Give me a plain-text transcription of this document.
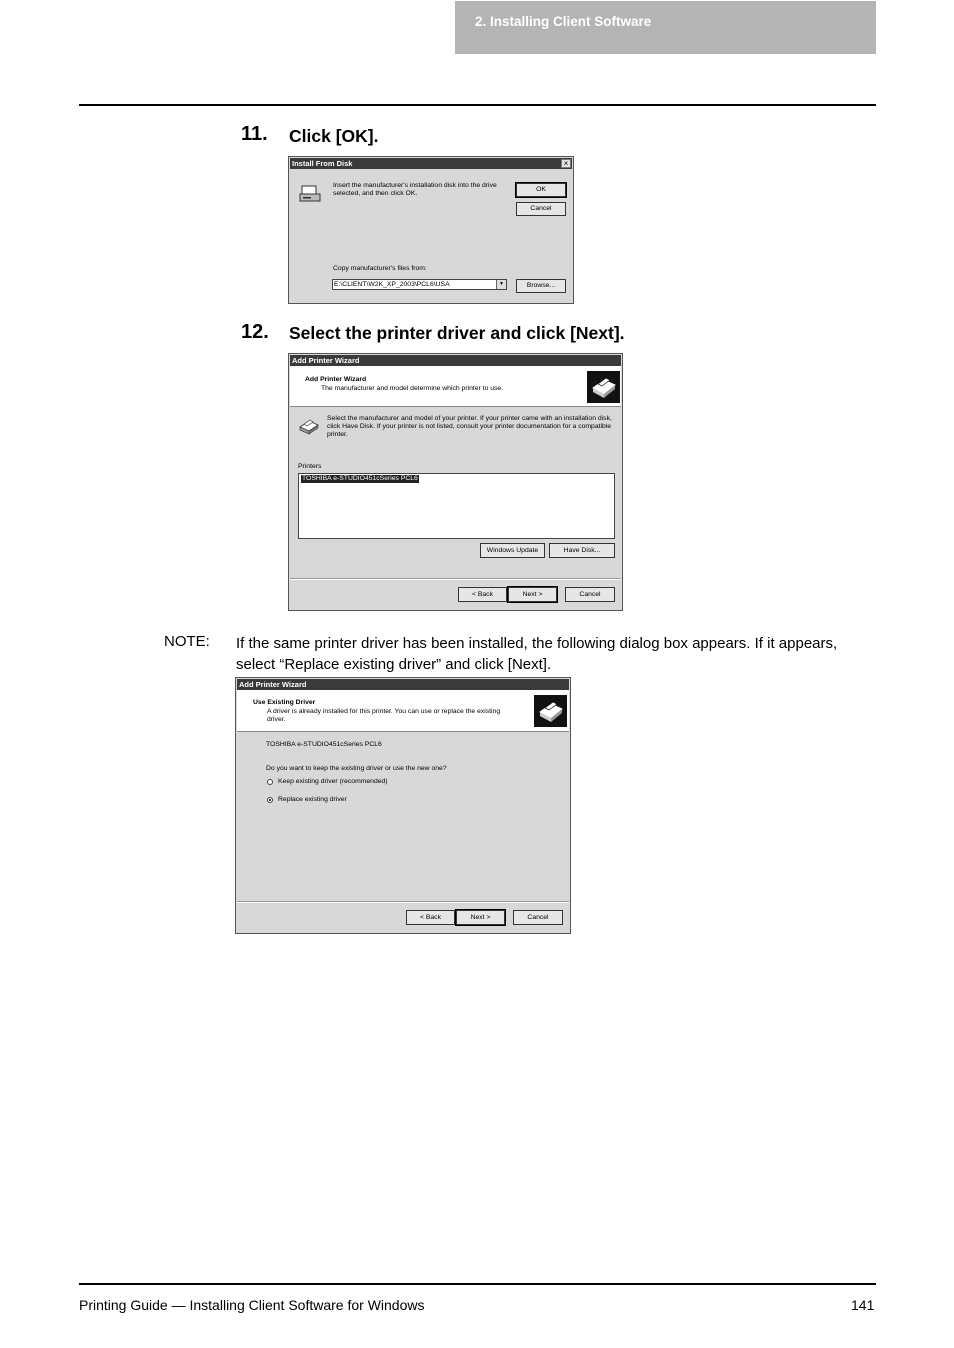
2. Installing Client Software
11. Click [OK].
Install From Disk	×
Insert the manufacturer's installation disk into the drive selected, and then click OK.
OK
Cancel
Copy manufacturer's files from:
E:\CLIENT\W2K_XP_2003\PCL6\USA	▼	Browse...
12. Select the printer driver and click [Next].
Add Printer Wizard
Add Printer Wizard
The manufacturer and model determine which printer to use.
Select the manufacturer and model of your printer. If your printer came with an installation disk, click Have Disk. If your printer is not listed, consult your printer documentation for a compatible printer.
Printers
TOSHIBA e-STUDIO451cSeries PCL6
Windows Update	Have Disk...
< Back	Next >	Cancel
NOTE: If the same printer driver has been installed, the following dialog box appears. If it appears, select “Replace existing driver” and click [Next].
Add Printer Wizard
Use Existing Driver
A driver is already installed for this printer. You can use or replace the existing driver.
TOSHIBA e-STUDIO451cSeries PCL6
Do you want to keep the existing driver or use the new one?
Keep existing driver (recommended)
Replace existing driver
< Back	Next >	Cancel
Printing Guide — Installing Client Software for Windows	141
